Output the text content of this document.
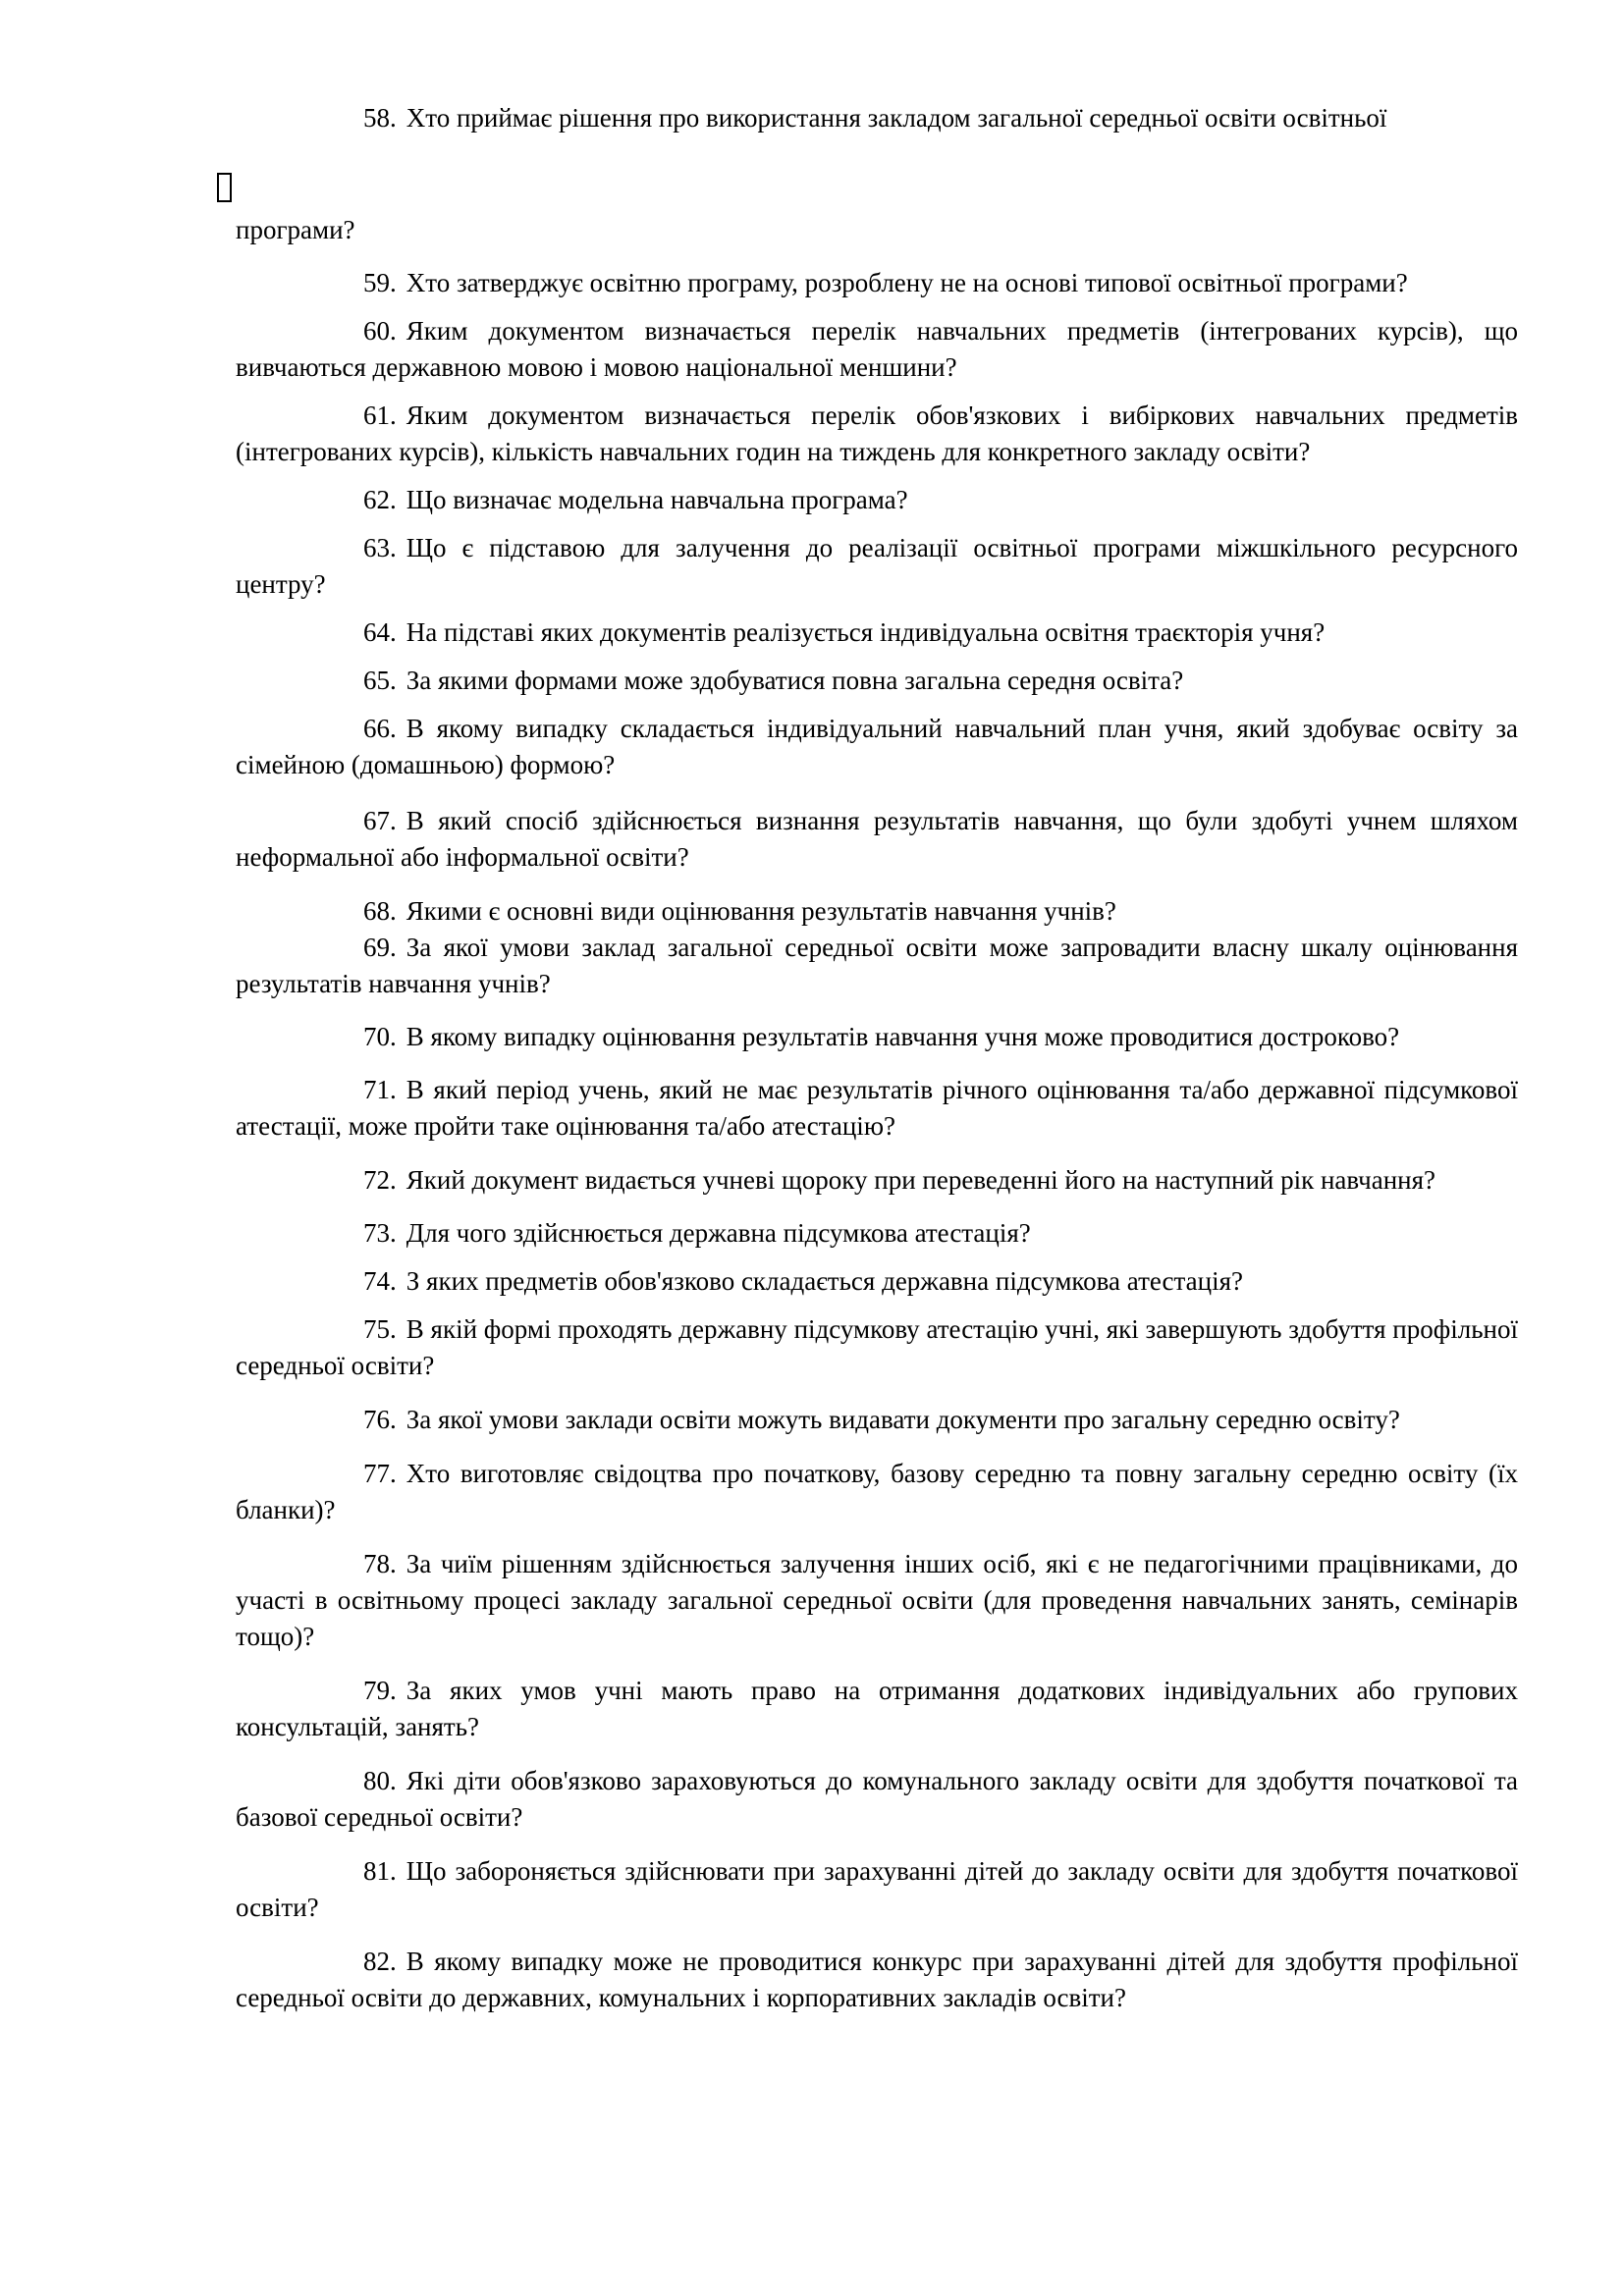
58. Хто приймає рішення про використання закладом загальної середньої освіти освітньої

програми?

59. Хто затверджує освітню програму, розроблену не на основі типової освітньої програми?

60. Яким документом визначається перелік навчальних предметів (інтегрованих курсів), що вивчаються державною мовою і мовою національної меншини?

61. Яким документом визначається перелік обов'язкових і вибіркових навчальних предметів (інтегрованих курсів), кількість навчальних годин на тиждень для конкретного закладу освіти?

62. Що визначає модельна навчальна програма?

63. Що є підставою для залучення до реалізації освітньої програми міжшкільного ресурсного центру?

64. На підставі яких документів реалізується індивідуальна освітня траєкторія учня?

65. За якими формами може здобуватися повна загальна середня освіта?

66. В якому випадку складається індивідуальний навчальний план учня, який здобуває освіту за сімейною (домашньою) формою?

67. В який спосіб здійснюється визнання результатів навчання, що були здобуті учнем шляхом неформальної або інформальної освіти?

68. Якими є основні види оцінювання результатів навчання учнів?

69. За якої умови заклад загальної середньої освіти може запровадити власну шкалу оцінювання результатів навчання учнів?

70. В якому випадку оцінювання результатів навчання учня може проводитися достроково?

71. В який період учень, який не має результатів річного оцінювання та/або державної підсумкової атестації, може пройти таке оцінювання та/або атестацію?

72. Який документ видається учневі щороку при переведенні його на наступний рік навчання?

73. Для чого здійснюється державна підсумкова атестація?

74. З яких предметів обов'язково складається державна підсумкова атестація?

75. В якій формі проходять державну підсумкову атестацію учні, які завершують здобуття профільної середньої освіти?

76. За якої умови заклади освіти можуть видавати документи про загальну середню освіту?

77. Хто виготовляє свідоцтва про початкову, базову середню та повну загальну середню освіту (їх бланки)?

78. За чиїм рішенням здійснюється залучення інших осіб, які є не педагогічними працівниками, до участі в освітньому процесі закладу загальної середньої освіти (для проведення навчальних занять, семінарів тощо)?

79. За яких умов учні мають право на отримання додаткових індивідуальних або групових консультацій, занять?

80. Які діти обов'язково зараховуються до комунального закладу освіти для здобуття початкової та базової середньої освіти?

81. Що забороняється здійснювати при зарахуванні дітей до закладу освіти для здобуття початкової освіти?

82. В якому випадку може не проводитися конкурс при зарахуванні дітей для здобуття профільної середньої освіти до державних, комунальних і корпоративних закладів освіти?
